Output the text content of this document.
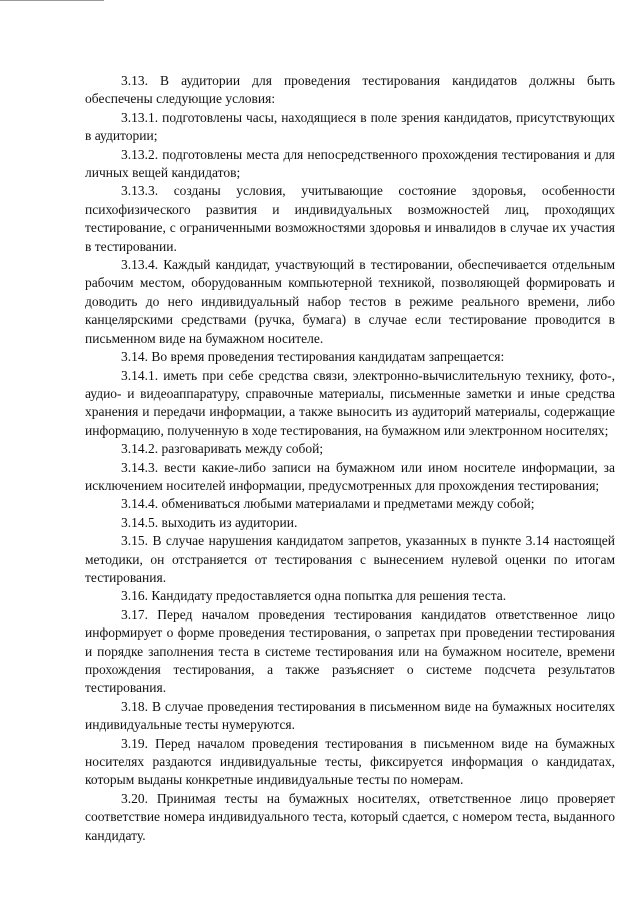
3.13. В аудитории для проведения тестирования кандидатов должны быть обеспечены следующие условия:

3.13.1. подготовлены часы, находящиеся в поле зрения кандидатов, присутствующих в аудитории;

3.13.2. подготовлены места для непосредственного прохождения тестирования и для личных вещей кандидатов;

3.13.3. созданы условия, учитывающие состояние здоровья, особенности психофизического развития и индивидуальных возможностей лиц, проходящих тестирование, с ограниченными возможностями здоровья и инвалидов в случае их участия в тестировании.

3.13.4. Каждый кандидат, участвующий в тестировании, обеспечивается отдельным рабочим местом, оборудованным компьютерной техникой, позволяющей формировать и доводить до него индивидуальный набор тестов в режиме реального времени, либо канцелярскими средствами (ручка, бумага) в случае если тестирование проводится в письменном виде на бумажном носителе.

3.14. Во время проведения тестирования кандидатам запрещается:

3.14.1. иметь при себе средства связи, электронно-вычислительную технику, фото-, аудио- и видеоаппаратуру, справочные материалы, письменные заметки и иные средства хранения и передачи информации, а также выносить из аудиторий материалы, содержащие информацию, полученную в ходе тестирования, на бумажном или электронном носителях;

3.14.2. разговаривать между собой;

3.14.3. вести какие-либо записи на бумажном или ином носителе информации, за исключением носителей информации, предусмотренных для прохождения тестирования;

3.14.4. обмениваться любыми материалами и предметами между собой;

3.14.5. выходить из аудитории.

3.15. В случае нарушения кандидатом запретов, указанных в пункте 3.14 настоящей методики, он отстраняется от тестирования с вынесением нулевой оценки по итогам тестирования.

3.16. Кандидату предоставляется одна попытка для решения теста.

3.17. Перед началом проведения тестирования кандидатов ответственное лицо информирует о форме проведения тестирования, о запретах при проведении тестирования и порядке заполнения теста в системе тестирования или на бумажном носителе, времени прохождения тестирования, а также разъясняет о системе подсчета результатов тестирования.

3.18. В случае проведения тестирования в письменном виде на бумажных носителях индивидуальные тесты нумеруются.

3.19. Перед началом проведения тестирования в письменном виде на бумажных носителях раздаются индивидуальные тесты, фиксируется информация о кандидатах, которым выданы конкретные индивидуальные тесты по номерам.

3.20. Принимая тесты на бумажных носителях, ответственное лицо проверяет соответствие номера индивидуального теста, который сдается, с номером теста, выданного кандидату.
